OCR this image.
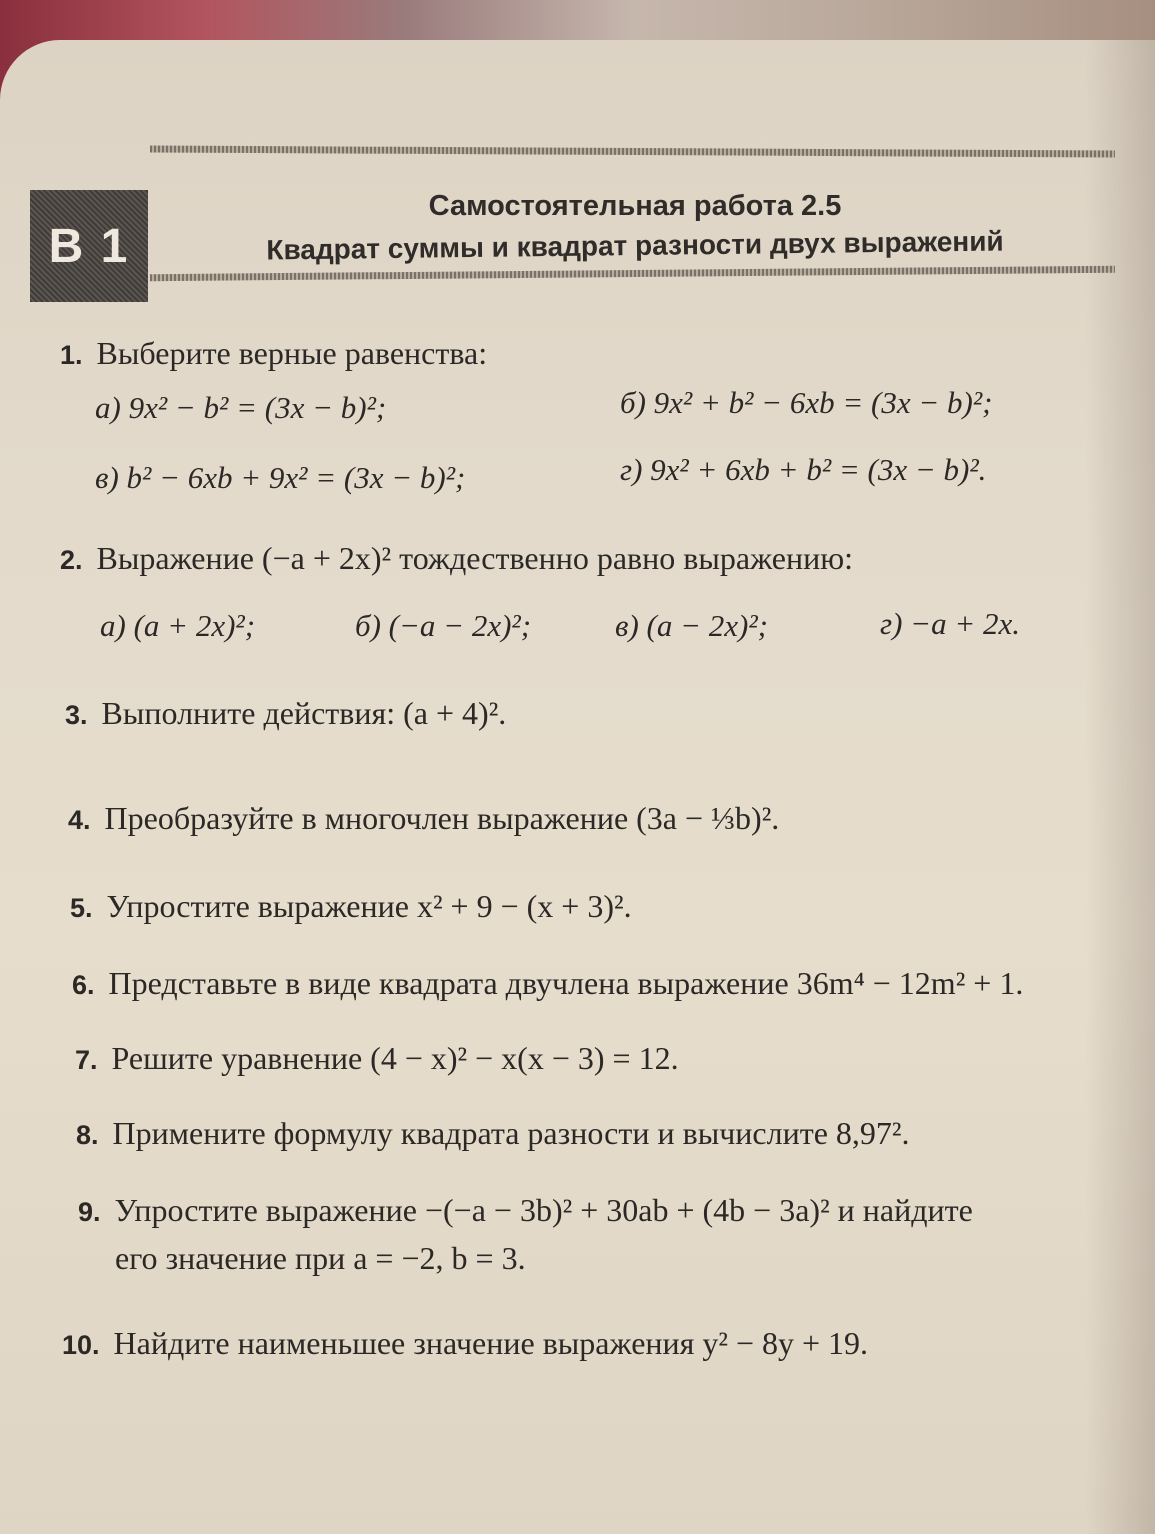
В 1
Самостоятельная работа 2.5
Квадрат суммы и квадрат разности двух выражений
1. Выберите верные равенства:
а) 9x² − b² = (3x − b)²;	б) 9x² + b² − 6xb = (3x − b)²;
в) b² − 6xb + 9x² = (3x − b)²;	г) 9x² + 6xb + b² = (3x − b)².
2. Выражение (−a + 2x)² тождественно равно выражению:
а) (a + 2x)²;	б) (−a − 2x)²;	в) (a − 2x)²;	г) −a + 2x.
3. Выполните действия: (a + 4)².
4. Преобразуйте в многочлен выражение (3a − ⅓b)².
5. Упростите выражение x² + 9 − (x + 3)².
6. Представьте в виде квадрата двучлена выражение 36m⁴ − 12m² + 1.
7. Решите уравнение (4 − x)² − x(x − 3) = 12.
8. Примените формулу квадрата разности и вычислите 8,97².
9. Упростите выражение −(−a − 3b)² + 30ab + (4b − 3a)² и найдите
его значение при a = −2, b = 3.
10. Найдите наименьшее значение выражения y² − 8y + 19.
